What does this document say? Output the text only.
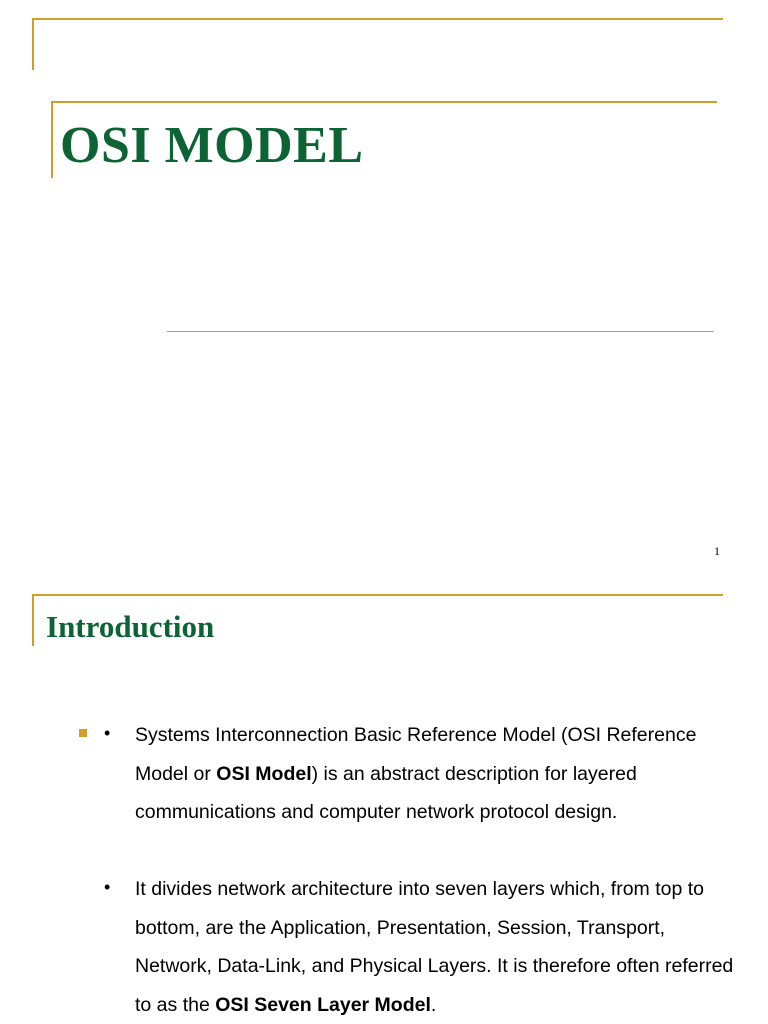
OSI MODEL
1
Introduction
• Systems Interconnection Basic Reference Model (OSI Reference Model or OSI Model) is an abstract description for layered communications and computer network protocol design.

• It divides network architecture into seven layers which, from top to bottom, are the Application, Presentation, Session, Transport, Network, Data-Link, and Physical Layers. It is therefore often referred to as the OSI Seven Layer Model.
